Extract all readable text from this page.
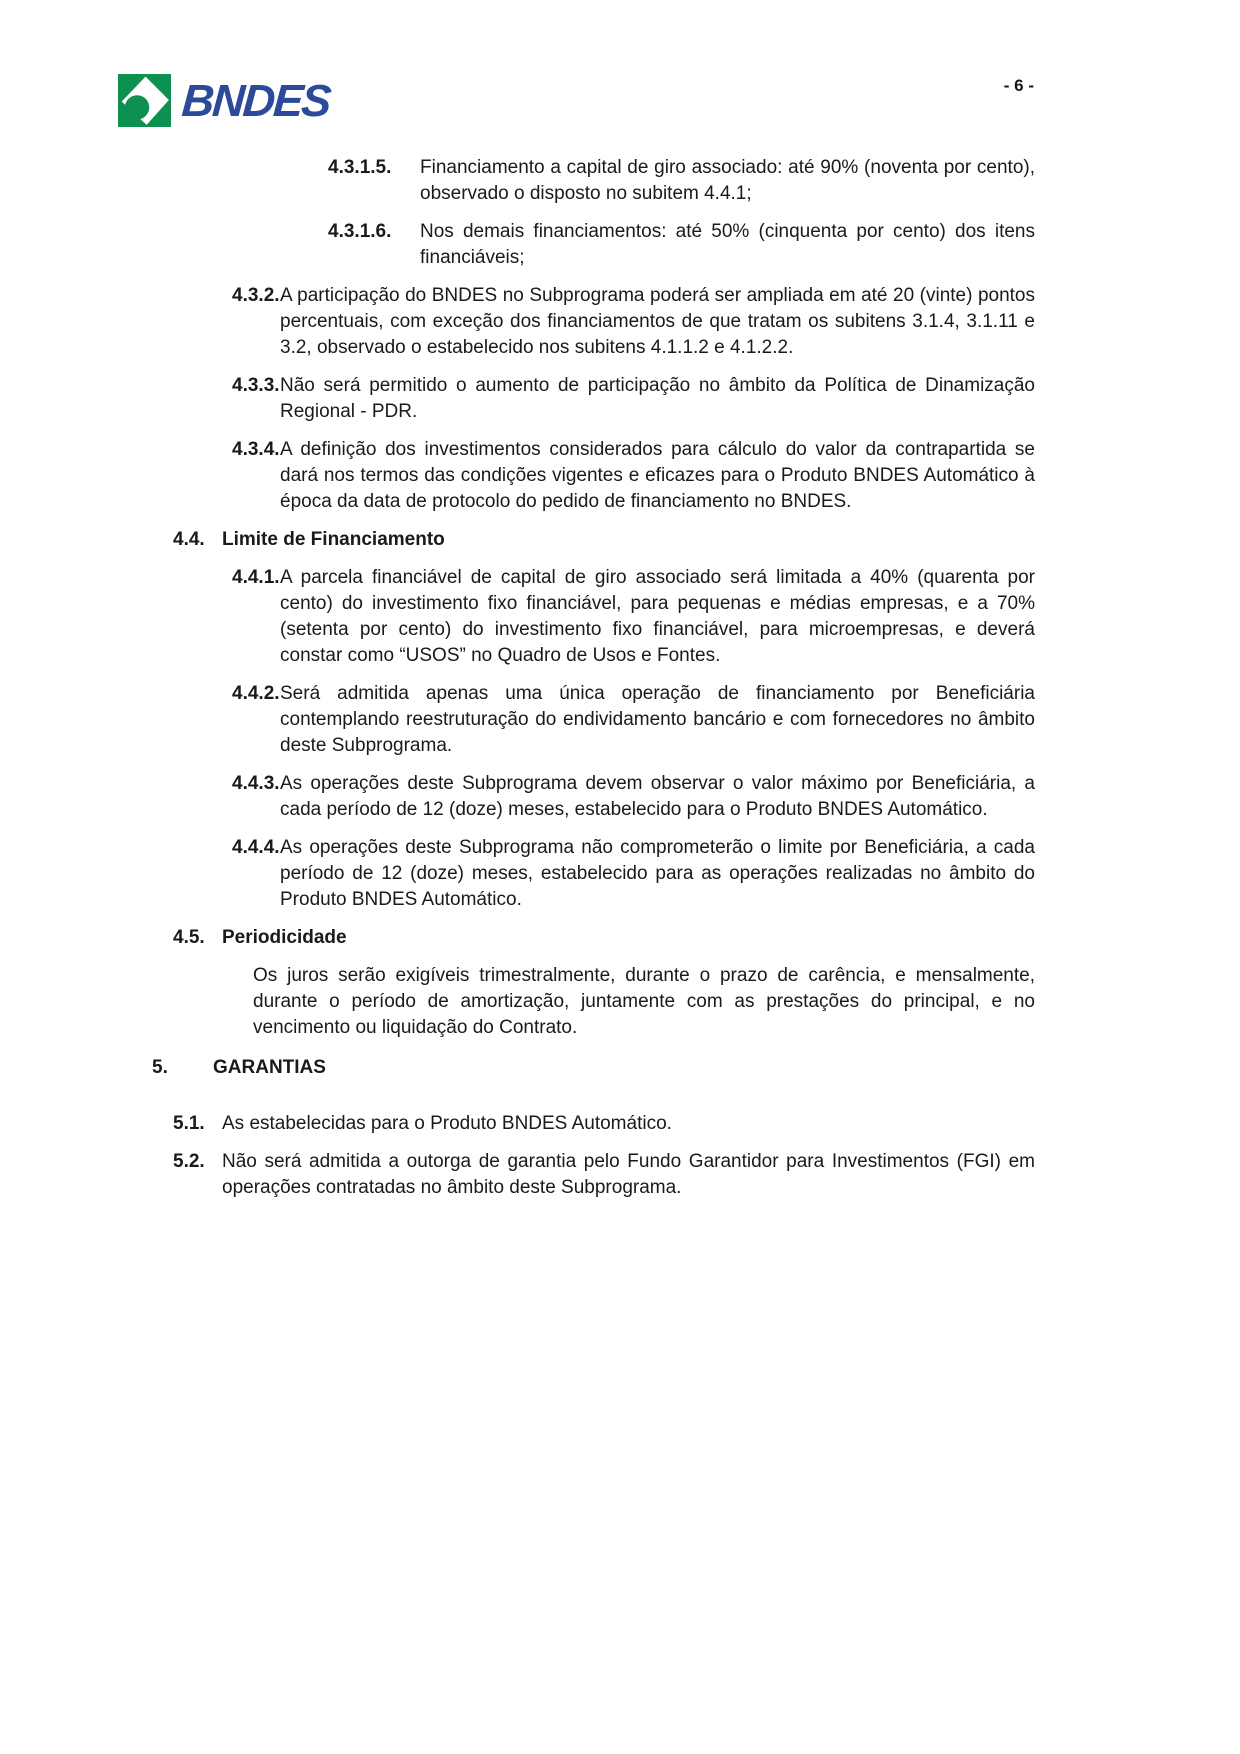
BNDES	- 6 -
4.3.1.5.	Financiamento a capital de giro associado: até 90% (noventa por cento), observado o disposto no subitem 4.4.1;
4.3.1.6.	Nos demais financiamentos: até 50% (cinquenta por cento) dos itens financiáveis;
4.3.2. A participação do BNDES no Subprograma poderá ser ampliada em até 20 (vinte) pontos percentuais, com exceção dos financiamentos de que tratam os subitens 3.1.4, 3.1.11 e 3.2, observado o estabelecido nos subitens 4.1.1.2 e 4.1.2.2.
4.3.3. Não será permitido o aumento de participação no âmbito da Política de Dinamização Regional - PDR.
4.3.4. A definição dos investimentos considerados para cálculo do valor da contrapartida se dará nos termos das condições vigentes e eficazes para o Produto BNDES Automático à época da data de protocolo do pedido de financiamento no BNDES.
4.4. Limite de Financiamento
4.4.1. A parcela financiável de capital de giro associado será limitada a 40% (quarenta por cento) do investimento fixo financiável, para pequenas e médias empresas, e a 70% (setenta por cento) do investimento fixo financiável, para microempresas, e deverá constar como “USOS” no Quadro de Usos e Fontes.
4.4.2. Será admitida apenas uma única operação de financiamento por Beneficiária contemplando reestruturação do endividamento bancário e com fornecedores no âmbito deste Subprograma.
4.4.3. As operações deste Subprograma devem observar o valor máximo por Beneficiária, a cada período de 12 (doze) meses, estabelecido para o Produto BNDES Automático.
4.4.4. As operações deste Subprograma não comprometerão o limite por Beneficiária, a cada período de 12 (doze) meses, estabelecido para as operações realizadas no âmbito do Produto BNDES Automático.
4.5. Periodicidade
Os juros serão exigíveis trimestralmente, durante o prazo de carência, e mensalmente, durante o período de amortização, juntamente com as prestações do principal, e no vencimento ou liquidação do Contrato.
5.	GARANTIAS
5.1. As estabelecidas para o Produto BNDES Automático.
5.2. Não será admitida a outorga de garantia pelo Fundo Garantidor para Investimentos (FGI) em operações contratadas no âmbito deste Subprograma.
